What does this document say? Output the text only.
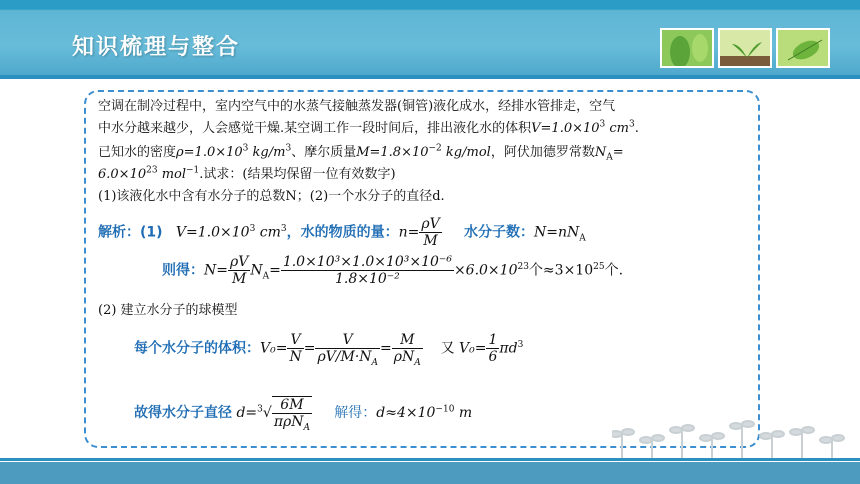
知识梳理与整合
空调在制冷过程中，室内空气中的水蒸气接触蒸发器(铜管)液化成水，经排水管排走，空气
中水分越来越少，人会感觉干燥.某空调工作一段时间后，排出液化水的体积$V=1.0\times 10^3$ $cm^3$.
已知水的密度$\rho=1.0\times 10^3$ $kg/m^3$、摩尔质量$M=1.8\times 10^{-2}$ kg/mol，阿伏加德罗常数$N_A=$
$6.0\times 10^{23}$ mol$^{-1}$.试求：(结果均保留一位有效数字)
(1)该液化水中含有水分子的总数N；(2)一个水分子的直径d.
解析：(1) $V=1.0\times 10^3$ $cm^3$，水的物质的量：$n= \frac{\rho V}{M}$ 水分子数：$N=nN_A$
则得：$N= \frac{\rho V}{M} N_A= \frac{\text{1.0×10³×1.0×10³×10⁻⁶}}{\text{1.8×10⁻²}} \times 6.0\times 10^{23}$个$\approx 3\times 10^{25}$个.
(2) 建立水分子的球模型
每个水分子的体积：$V_0= \frac{V}{N} = \frac{V}{\rho V/M\cdot N_A} = \frac{M}{\rho N_A}$ 又 $V_0= \frac{1}{6} \pi d^3$
故得水分子直径 $d=^3√ \frac{6M}{\pi\rho N_A}$ 解得：$d\approx 4\times 10^{-10}$ m
